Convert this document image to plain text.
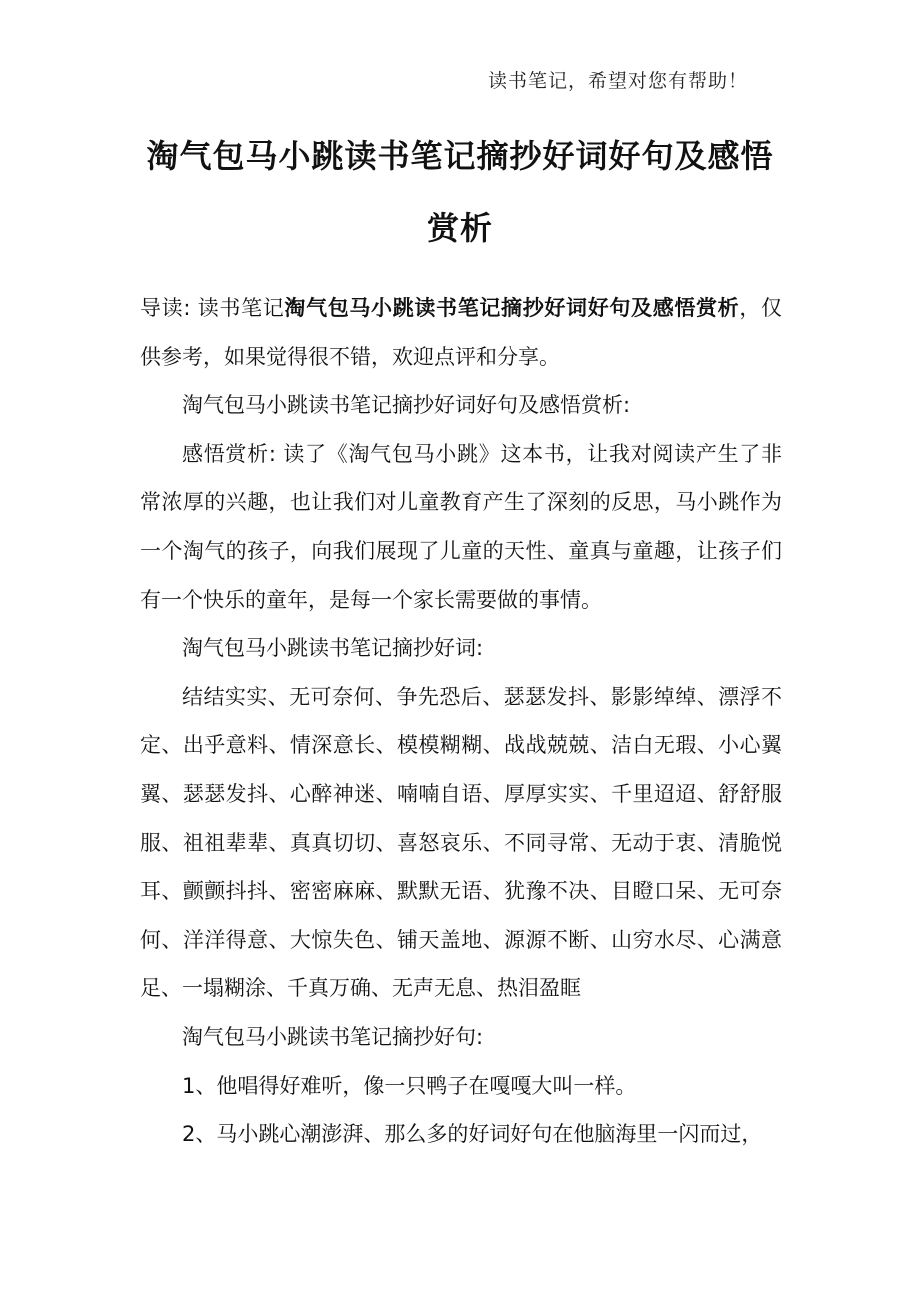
读书笔记，希望对您有帮助！
淘气包马小跳读书笔记摘抄好词好句及感悟赏析

导读: 读书笔记淘气包马小跳读书笔记摘抄好词好句及感悟赏析，仅供参考，如果觉得很不错，欢迎点评和分享。

淘气包马小跳读书笔记摘抄好词好句及感悟赏析:

感悟赏析: 读了《淘气包马小跳》这本书，让我对阅读产生了非常浓厚的兴趣，也让我们对儿童教育产生了深刻的反思，马小跳作为一个淘气的孩子，向我们展现了儿童的天性、童真与童趣，让孩子们有一个快乐的童年，是每一个家长需要做的事情。

淘气包马小跳读书笔记摘抄好词:

结结实实、无可奈何、争先恐后、瑟瑟发抖、影影绰绰、漂浮不定、出乎意料、情深意长、模模糊糊、战战兢兢、洁白无瑕、小心翼翼、瑟瑟发抖、心醉神迷、喃喃自语、厚厚实实、千里迢迢、舒舒服服、祖祖辈辈、真真切切、喜怒哀乐、不同寻常、无动于衷、清脆悦耳、颤颤抖抖、密密麻麻、默默无语、犹豫不决、目瞪口呆、无可奈何、洋洋得意、大惊失色、铺天盖地、源源不断、山穷水尽、心满意足、一塌糊涂、千真万确、无声无息、热泪盈眶

淘气包马小跳读书笔记摘抄好句:

1、他唱得好难听，像一只鸭子在嘎嘎大叫一样。

2、马小跳心潮澎湃、那么多的好词好句在他脑海里一闪而过，
